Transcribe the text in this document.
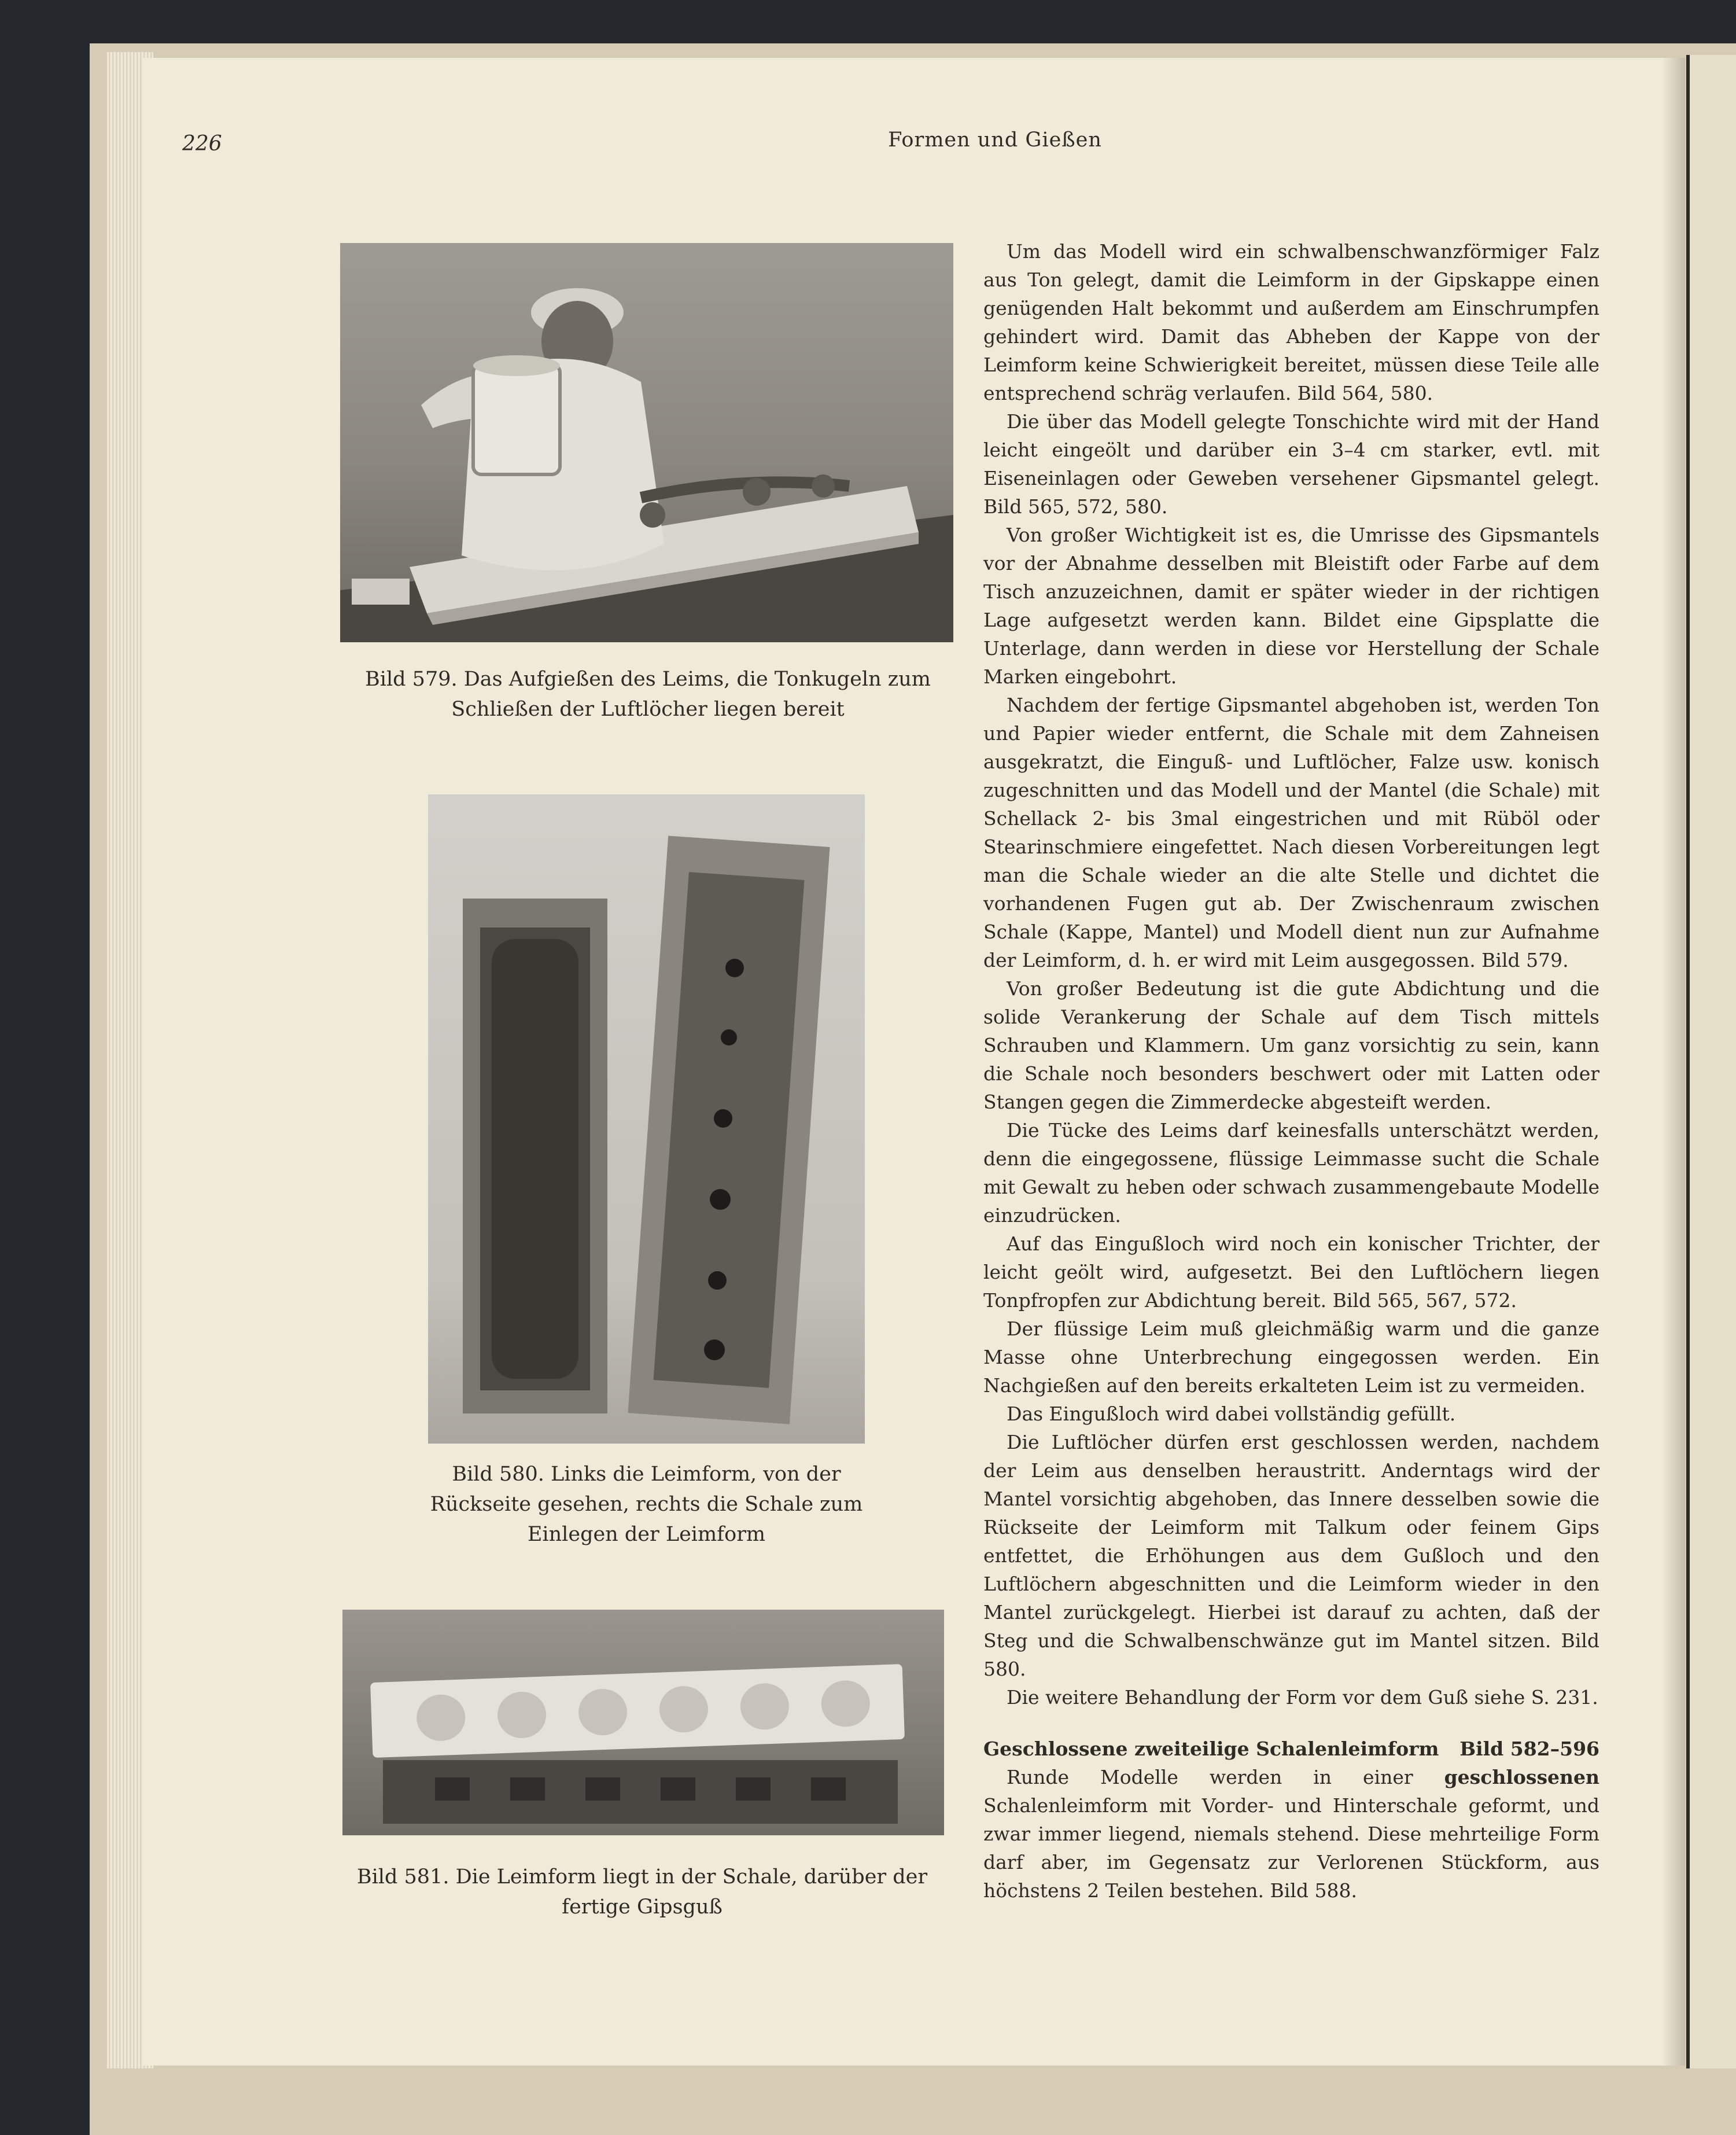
226	Formen und Gießen
Bild 579. Das Aufgießen des Leims, die Tonkugeln zum Schließen der Luftlöcher liegen bereit
Bild 580. Links die Leimform, von der Rückseite gesehen, rechts die Schale zum Einlegen der Leimform
Bild 581. Die Leimform liegt in der Schale, darüber der fertige Gipsguß

Um das Modell wird ein schwalbenschwanzförmiger Falz aus Ton gelegt, damit die Leimform in der Gipskappe einen genügenden Halt bekommt und außerdem am Einschrumpfen gehindert wird. Damit das Abheben der Kappe von der Leimform keine Schwierigkeit bereitet, müssen diese Teile alle entsprechend schräg verlaufen. Bild 564, 580.

Die über das Modell gelegte Tonschichte wird mit der Hand leicht eingeölt und darüber ein 3–4 cm starker, evtl. mit Eiseneinlagen oder Geweben versehener Gipsmantel gelegt. Bild 565, 572, 580.

Von großer Wichtigkeit ist es, die Umrisse des Gipsmantels vor der Abnahme desselben mit Bleistift oder Farbe auf dem Tisch anzuzeichnen, damit er später wieder in der richtigen Lage aufgesetzt werden kann. Bildet eine Gipsplatte die Unterlage, dann werden in diese vor Herstellung der Schale Marken eingebohrt.

Nachdem der fertige Gipsmantel abgehoben ist, werden Ton und Papier wieder entfernt, die Schale mit dem Zahneisen ausgekratzt, die Einguß- und Luftlöcher, Falze usw. konisch zugeschnitten und das Modell und der Mantel (die Schale) mit Schellack 2- bis 3mal eingestrichen und mit Rüböl oder Stearinschmiere eingefettet. Nach diesen Vorbereitungen legt man die Schale wieder an die alte Stelle und dichtet die vorhandenen Fugen gut ab. Der Zwischenraum zwischen Schale (Kappe, Mantel) und Modell dient nun zur Aufnahme der Leimform, d. h. er wird mit Leim ausgegossen. Bild 579.

Von großer Bedeutung ist die gute Abdichtung und die solide Verankerung der Schale auf dem Tisch mittels Schrauben und Klammern. Um ganz vorsichtig zu sein, kann die Schale noch besonders beschwert oder mit Latten oder Stangen gegen die Zimmerdecke abgesteift werden.

Die Tücke des Leims darf keinesfalls unterschätzt werden, denn die eingegossene, flüssige Leimmasse sucht die Schale mit Gewalt zu heben oder schwach zusammengebaute Modelle einzudrücken.

Auf das Eingußloch wird noch ein konischer Trichter, der leicht geölt wird, aufgesetzt. Bei den Luftlöchern liegen Tonpfropfen zur Abdichtung bereit. Bild 565, 567, 572.

Der flüssige Leim muß gleichmäßig warm und die ganze Masse ohne Unterbrechung eingegossen werden. Ein Nachgießen auf den bereits erkalteten Leim ist zu vermeiden.

Das Eingußloch wird dabei vollständig gefüllt.

Die Luftlöcher dürfen erst geschlossen werden, nachdem der Leim aus denselben heraustritt. Anderntags wird der Mantel vorsichtig abgehoben, das Innere desselben sowie die Rückseite der Leimform mit Talkum oder feinem Gips entfettet, die Erhöhungen aus dem Gußloch und den Luftlöchern abgeschnitten und die Leimform wieder in den Mantel zurückgelegt. Hierbei ist darauf zu achten, daß der Steg und die Schwalbenschwänze gut im Mantel sitzen. Bild 580.

Die weitere Behandlung der Form vor dem Guß siehe S. 231.

Geschlossene zweiteilige Schalenleimform Bild 582–596

Runde Modelle werden in einer geschlossenen Schalenleimform mit Vorder- und Hinterschale geformt, und zwar immer liegend, niemals stehend. Diese mehrteilige Form darf aber, im Gegensatz zur Verlorenen Stückform, aus höchstens 2 Teilen bestehen. Bild 588.
